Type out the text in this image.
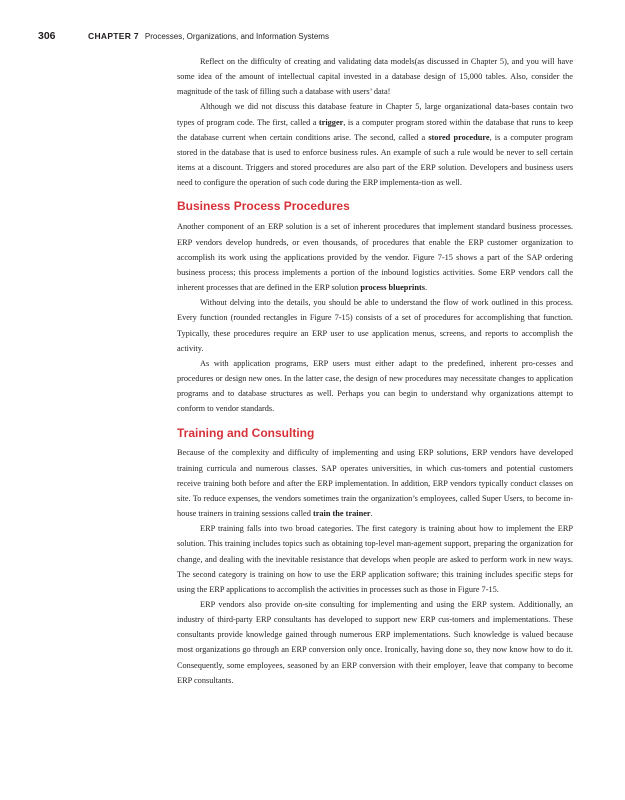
306	CHAPTER 7 Processes, Organizations, and Information Systems

Reflect on the difficulty of creating and validating data models(as discussed in Chapter 5), and you will have some idea of the amount of intellectual capital invested in a database design of 15,000 tables. Also, consider the magnitude of the task of filling such a database with users’ data!

Although we did not discuss this database feature in Chapter 5, large organizational data-bases contain two types of program code. The first, called a trigger, is a computer program stored within the database that runs to keep the database current when certain conditions arise. The second, called a stored procedure, is a computer program stored in the database that is used to enforce business rules. An example of such a rule would be never to sell certain items at a discount. Triggers and stored procedures are also part of the ERP solution. Developers and business users need to configure the operation of such code during the ERP implementa-tion as well.

Business Process Procedures

Another component of an ERP solution is a set of inherent procedures that implement standard business processes. ERP vendors develop hundreds, or even thousands, of procedures that enable the ERP customer organization to accomplish its work using the applications provided by the vendor. Figure 7-15 shows a part of the SAP ordering business process; this process implements a portion of the inbound logistics activities. Some ERP vendors call the inherent processes that are defined in the ERP solution process blueprints.

Without delving into the details, you should be able to understand the flow of work outlined in this process. Every function (rounded rectangles in Figure 7-15) consists of a set of procedures for accomplishing that function. Typically, these procedures require an ERP user to use application menus, screens, and reports to accomplish the activity.

As with application programs, ERP users must either adapt to the predefined, inherent pro-cesses and procedures or design new ones. In the latter case, the design of new procedures may necessitate changes to application programs and to database structures as well. Perhaps you can begin to understand why organizations attempt to conform to vendor standards.

Training and Consulting

Because of the complexity and difficulty of implementing and using ERP solutions, ERP vendors have developed training curricula and numerous classes. SAP operates universities, in which cus-tomers and potential customers receive training both before and after the ERP implementation. In addition, ERP vendors typically conduct classes on site. To reduce expenses, the vendors sometimes train the organization’s employees, called Super Users, to become in-house trainers in training sessions called train the trainer.

ERP training falls into two broad categories. The first category is training about how to implement the ERP solution. This training includes topics such as obtaining top-level man-agement support, preparing the organization for change, and dealing with the inevitable resistance that develops when people are asked to perform work in new ways. The second category is training on how to use the ERP application software; this training includes specific steps for using the ERP applications to accomplish the activities in processes such as those in Figure 7-15.

ERP vendors also provide on-site consulting for implementing and using the ERP system. Additionally, an industry of third-party ERP consultants has developed to support new ERP cus-tomers and implementations. These consultants provide knowledge gained through numerous ERP implementations. Such knowledge is valued because most organizations go through an ERP conversion only once. Ironically, having done so, they now know how to do it. Consequently, some employees, seasoned by an ERP conversion with their employer, leave that company to become ERP consultants.
